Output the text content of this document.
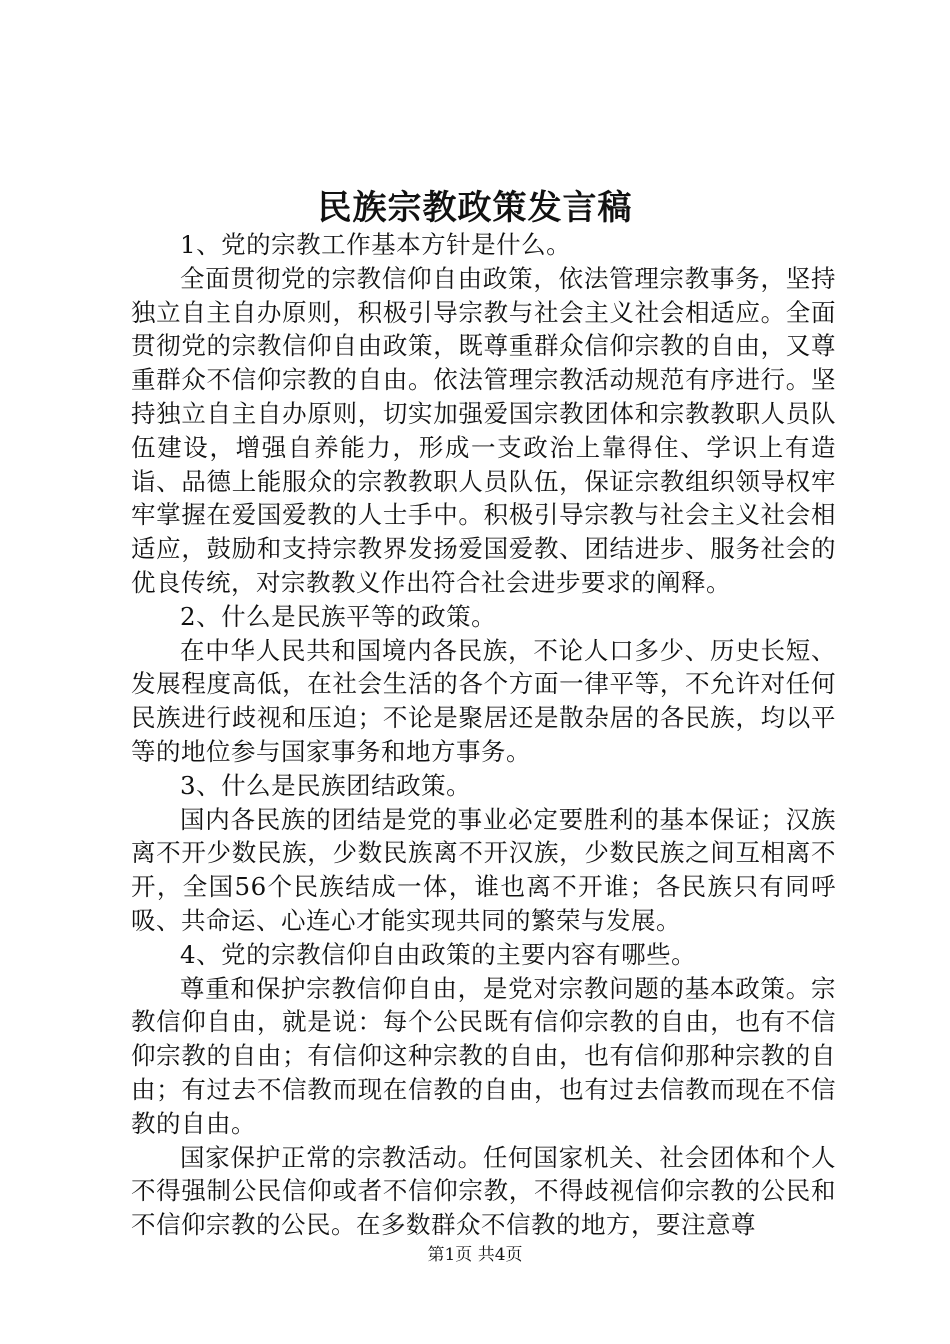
民族宗教政策发言稿

1、党的宗教工作基本方针是什么。

全面贯彻党的宗教信仰自由政策，依法管理宗教事务，坚持独立自主自办原则，积极引导宗教与社会主义社会相适应。全面贯彻党的宗教信仰自由政策，既尊重群众信仰宗教的自由，又尊重群众不信仰宗教的自由。依法管理宗教活动规范有序进行。坚持独立自主自办原则，切实加强爱国宗教团体和宗教教职人员队伍建设，增强自养能力，形成一支政治上靠得住、学识上有造诣、品德上能服众的宗教教职人员队伍，保证宗教组织领导权牢牢掌握在爱国爱教的人士手中。积极引导宗教与社会主义社会相适应，鼓励和支持宗教界发扬爱国爱教、团结进步、服务社会的优良传统，对宗教教义作出符合社会进步要求的阐释。

2、什么是民族平等的政策。

在中华人民共和国境内各民族，不论人口多少、历史长短、发展程度高低，在社会生活的各个方面一律平等，不允许对任何民族进行歧视和压迫；不论是聚居还是散杂居的各民族，均以平等的地位参与国家事务和地方事务。

3、什么是民族团结政策。

国内各民族的团结是党的事业必定要胜利的基本保证；汉族离不开少数民族，少数民族离不开汉族，少数民族之间互相离不开，全国56个民族结成一体，谁也离不开谁；各民族只有同呼吸、共命运、心连心才能实现共同的繁荣与发展。

4、党的宗教信仰自由政策的主要内容有哪些。

尊重和保护宗教信仰自由，是党对宗教问题的基本政策。宗教信仰自由，就是说：每个公民既有信仰宗教的自由，也有不信仰宗教的自由；有信仰这种宗教的自由，也有信仰那种宗教的自由；有过去不信教而现在信教的自由，也有过去信教而现在不信教的自由。

国家保护正常的宗教活动。任何国家机关、社会团体和个人不得强制公民信仰或者不信仰宗教，不得歧视信仰宗教的公民和不信仰宗教的公民。在多数群众不信教的地方，要注意尊

第1页 共4页
